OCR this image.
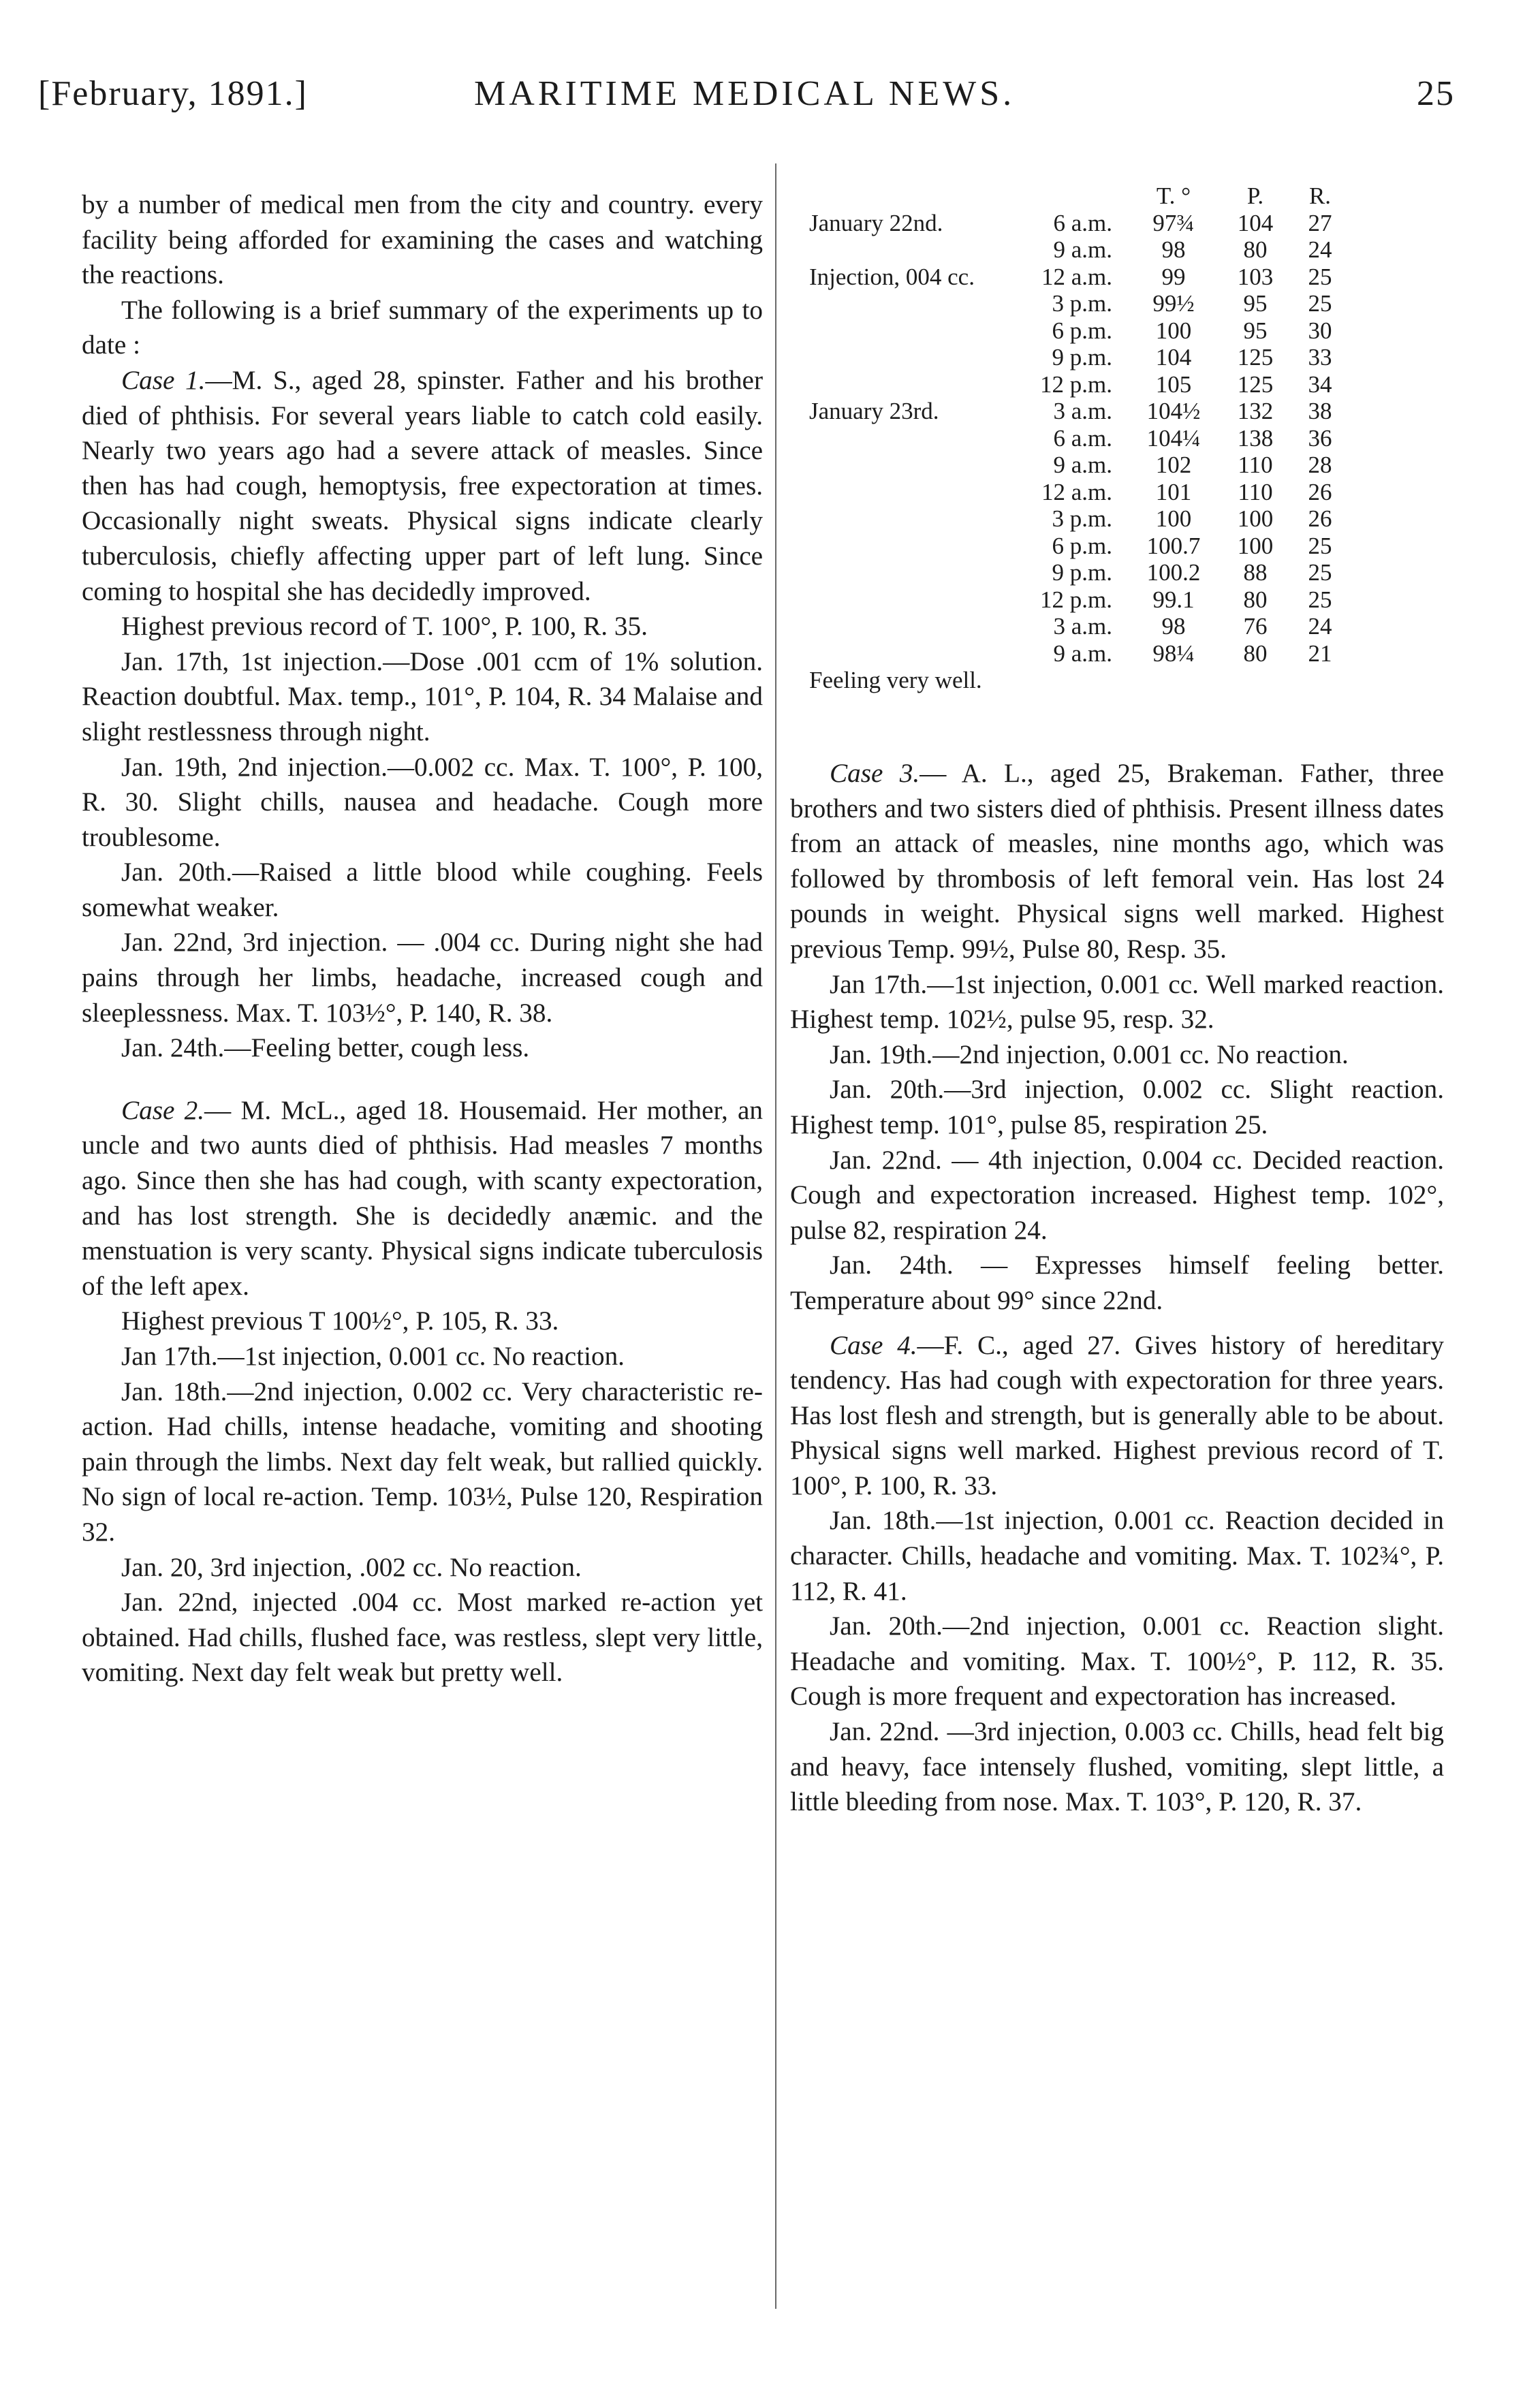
[February, 1891.]	MARITIME MEDICAL NEWS.	25

by a number of medical men from the city and country. every facility being afforded for examining the cases and watching the reactions.

The following is a brief summary of the experiments up to date :

Case 1.—M. S., aged 28, spinster. Father and his brother died of phthisis. For several years liable to catch cold easily. Nearly two years ago had a severe attack of measles. Since then has had cough, hemoptysis, free expectoration at times. Occasionally night sweats. Physical signs indicate clearly tuberculosis, chiefly affecting upper part of left lung. Since coming to hospital she has decidedly improved.

Highest previous record of T. 100°, P. 100, R. 35.

Jan. 17th, 1st injection.—Dose .001 ccm of 1% solution. Reaction doubtful. Max. temp., 101°, P. 104, R. 34 Malaise and slight restlessness through night.

Jan. 19th, 2nd injection.—0.002 cc. Max. T. 100°, P. 100, R. 30. Slight chills, nausea and headache. Cough more troublesome.

Jan. 20th.—Raised a little blood while coughing. Feels somewhat weaker.

Jan. 22nd, 3rd injection. — .004 cc. During night she had pains through her limbs, headache, increased cough and sleeplessness. Max. T. 103½°, P. 140, R. 38.

Jan. 24th.—Feeling better, cough less.

Case 2.— M. McL., aged 18. Housemaid. Her mother, an uncle and two aunts died of phthisis. Had measles 7 months ago. Since then she has had cough, with scanty expectoration, and has lost strength. She is decidedly anæmic. and the menstuation is very scanty. Physical signs indicate tuberculosis of the left apex.

Highest previous T 100½°, P. 105, R. 33.

Jan 17th.—1st injection, 0.001 cc. No reaction.

Jan. 18th.—2nd injection, 0.002 cc. Very characteristic re-action. Had chills, intense headache, vomiting and shooting pain through the limbs. Next day felt weak, but rallied quickly. No sign of local re-action. Temp. 103½, Pulse 120, Respiration 32.

Jan. 20, 3rd injection, .002 cc. No reaction.

Jan. 22nd, injected .004 cc. Most marked re-action yet obtained. Had chills, flushed face, was restless, slept very little, vomiting. Next day felt weak but pretty well.

T. °	P.	R.
January 22nd.	6 a.m.	97¾	104	27
9 a.m.	98	80	24
Injection, 004 cc.	12 a.m.	99	103	25
3 p.m.	99½	95	25
6 p.m.	100	95	30
9 p.m.	104	125	33
12 p.m.	105	125	34
January 23rd.	3 a.m.	104½	132	38
6 a.m.	104¼	138	36
9 a.m.	102	110	28
12 a.m.	101	110	26
3 p.m.	100	100	26
6 p.m.	100.7	100	25
9 p.m.	100.2	88	25
12 p.m.	99.1	80	25
3 a.m.	98	76	24
9 a.m.	98¼	80	21

Feeling very well.

Case 3.— A. L., aged 25, Brakeman. Father, three brothers and two sisters died of phthisis. Present illness dates from an attack of measles, nine months ago, which was followed by thrombosis of left femoral vein. Has lost 24 pounds in weight. Physical signs well marked. Highest previous Temp. 99½, Pulse 80, Resp. 35.

Jan 17th.—1st injection, 0.001 cc. Well marked reaction. Highest temp. 102½, pulse 95, resp. 32.

Jan. 19th.—2nd injection, 0.001 cc. No reaction.

Jan. 20th.—3rd injection, 0.002 cc. Slight reaction. Highest temp. 101°, pulse 85, respiration 25.

Jan. 22nd. — 4th injection, 0.004 cc. Decided reaction. Cough and expectoration increased. Highest temp. 102°, pulse 82, respiration 24.

Jan. 24th. — Expresses himself feeling better. Temperature about 99° since 22nd.

Case 4.—F. C., aged 27. Gives history of hereditary tendency. Has had cough with expectoration for three years. Has lost flesh and strength, but is generally able to be about. Physical signs well marked. Highest previous record of T. 100°, P. 100, R. 33.

Jan. 18th.—1st injection, 0.001 cc. Reaction decided in character. Chills, headache and vomiting. Max. T. 102¾°, P. 112, R. 41.

Jan. 20th.—2nd injection, 0.001 cc. Reaction slight. Headache and vomiting. Max. T. 100½°, P. 112, R. 35. Cough is more frequent and expectoration has increased.

Jan. 22nd. —3rd injection, 0.003 cc. Chills, head felt big and heavy, face intensely flushed, vomiting, slept little, a little bleeding from nose. Max. T. 103°, P. 120, R. 37.
